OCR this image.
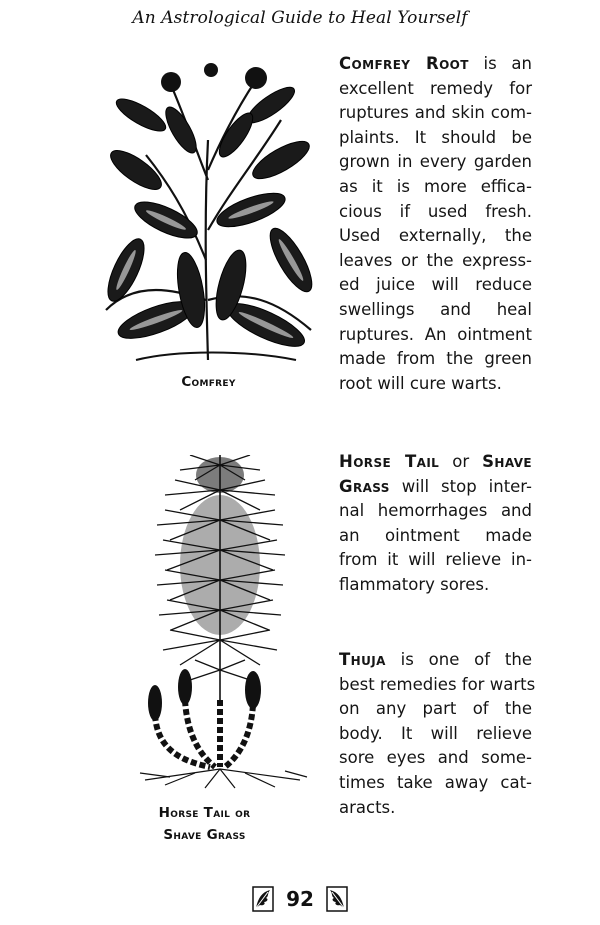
An Astrological Guide to Heal Yourself
Comfrey
Horse Tail or
Shave Grass
Comfrey Root is an
excellent remedy for
ruptures and skin com-
plaints. It should be
grown in every garden
as it is more effica-
cious if used fresh.
Used externally, the
leaves or the express-
ed juice will reduce
swellings and heal
ruptures. An ointment
made from the green
root will cure warts.
Horse Tail or Shave
Grass will stop inter-
nal hemorrhages and
an ointment made
from it will relieve in-
flammatory sores.
Thuja is one of the
best remedies for warts
on any part of the
body. It will relieve
sore eyes and some-
times take away cat-
aracts.
92
